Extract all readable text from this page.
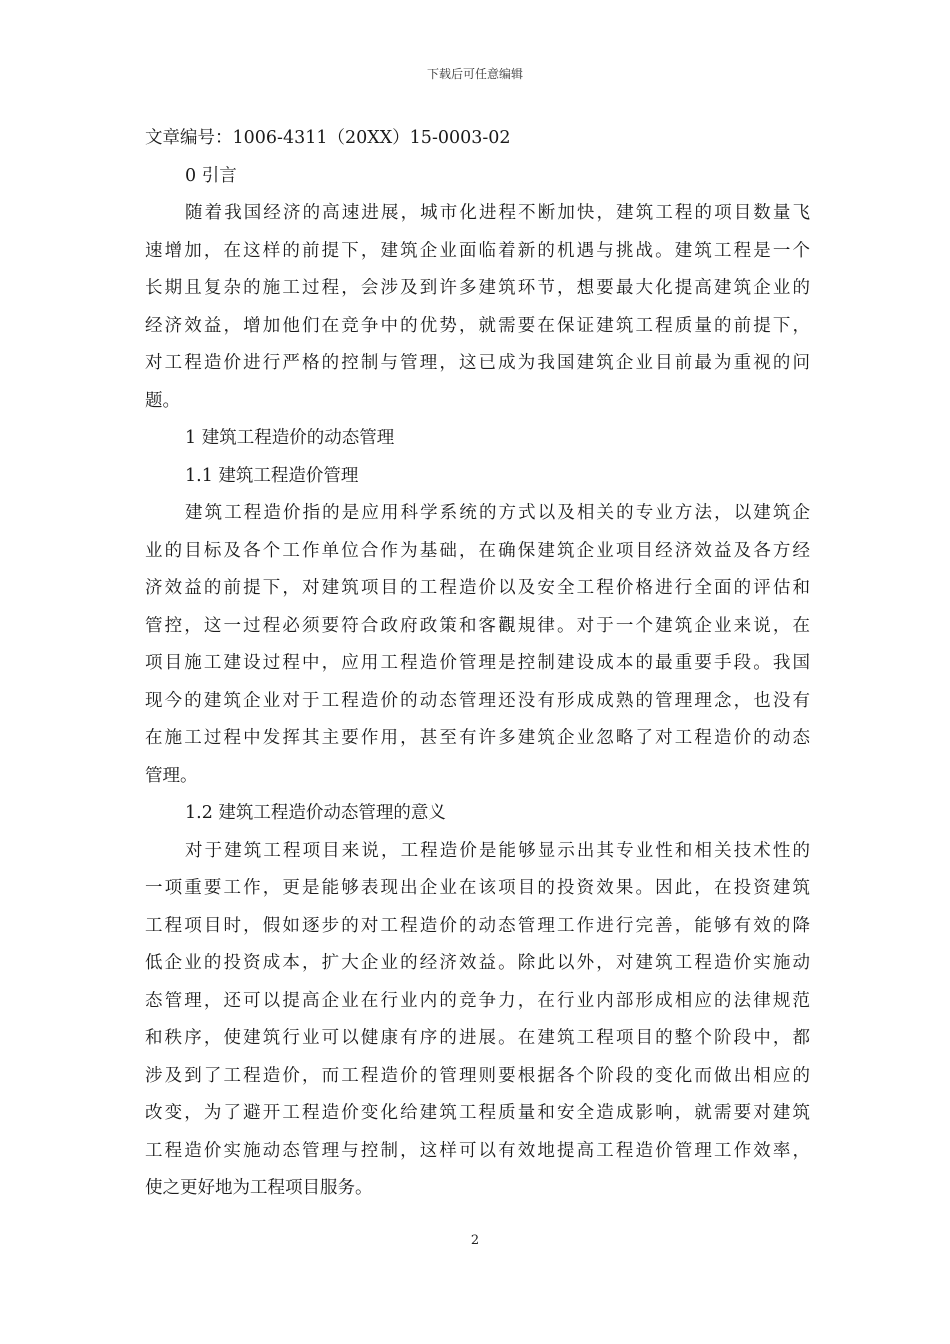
下载后可任意编辑
文章编号：1006-4311（20XX）15-0003-02
0 引言
随着我国经济的高速进展，城市化进程不断加快，建筑工程的项目数量飞
速增加，在这样的前提下，建筑企业面临着新的机遇与挑战。建筑工程是一个
长期且复杂的施工过程，会涉及到许多建筑环节，想要最大化提高建筑企业的
经济效益，增加他们在竞争中的优势，就需要在保证建筑工程质量的前提下，
对工程造价进行严格的控制与管理，这已成为我国建筑企业目前最为重视的问
题。
1 建筑工程造价的动态管理
1.1 建筑工程造价管理
建筑工程造价指的是应用科学系统的方式以及相关的专业方法，以建筑企
业的目标及各个工作单位合作为基础，在确保建筑企业项目经济效益及各方经
济效益的前提下，对建筑项目的工程造价以及安全工程价格进行全面的评估和
管控，这一过程必须要符合政府政策和客觀規律。对于一个建筑企业来说，在
项目施工建设过程中，应用工程造价管理是控制建设成本的最重要手段。我国
现今的建筑企业对于工程造价的动态管理还没有形成成熟的管理理念，也没有
在施工过程中发挥其主要作用，甚至有许多建筑企业忽略了对工程造价的动态
管理。
1.2 建筑工程造价动态管理的意义
对于建筑工程项目来说，工程造价是能够显示出其专业性和相关技术性的
一项重要工作，更是能够表现出企业在该项目的投资效果。因此，在投资建筑
工程项目时，假如逐步的对工程造价的动态管理工作进行完善，能够有效的降
低企业的投资成本，扩大企业的经济效益。除此以外，对建筑工程造价实施动
态管理，还可以提高企业在行业内的竞争力，在行业内部形成相应的法律规范
和秩序，使建筑行业可以健康有序的进展。在建筑工程项目的整个阶段中，都
涉及到了工程造价，而工程造价的管理则要根据各个阶段的变化而做出相应的
改变，为了避开工程造价变化给建筑工程质量和安全造成影响，就需要对建筑
工程造价实施动态管理与控制，这样可以有效地提高工程造价管理工作效率，
使之更好地为工程项目服务。
2
